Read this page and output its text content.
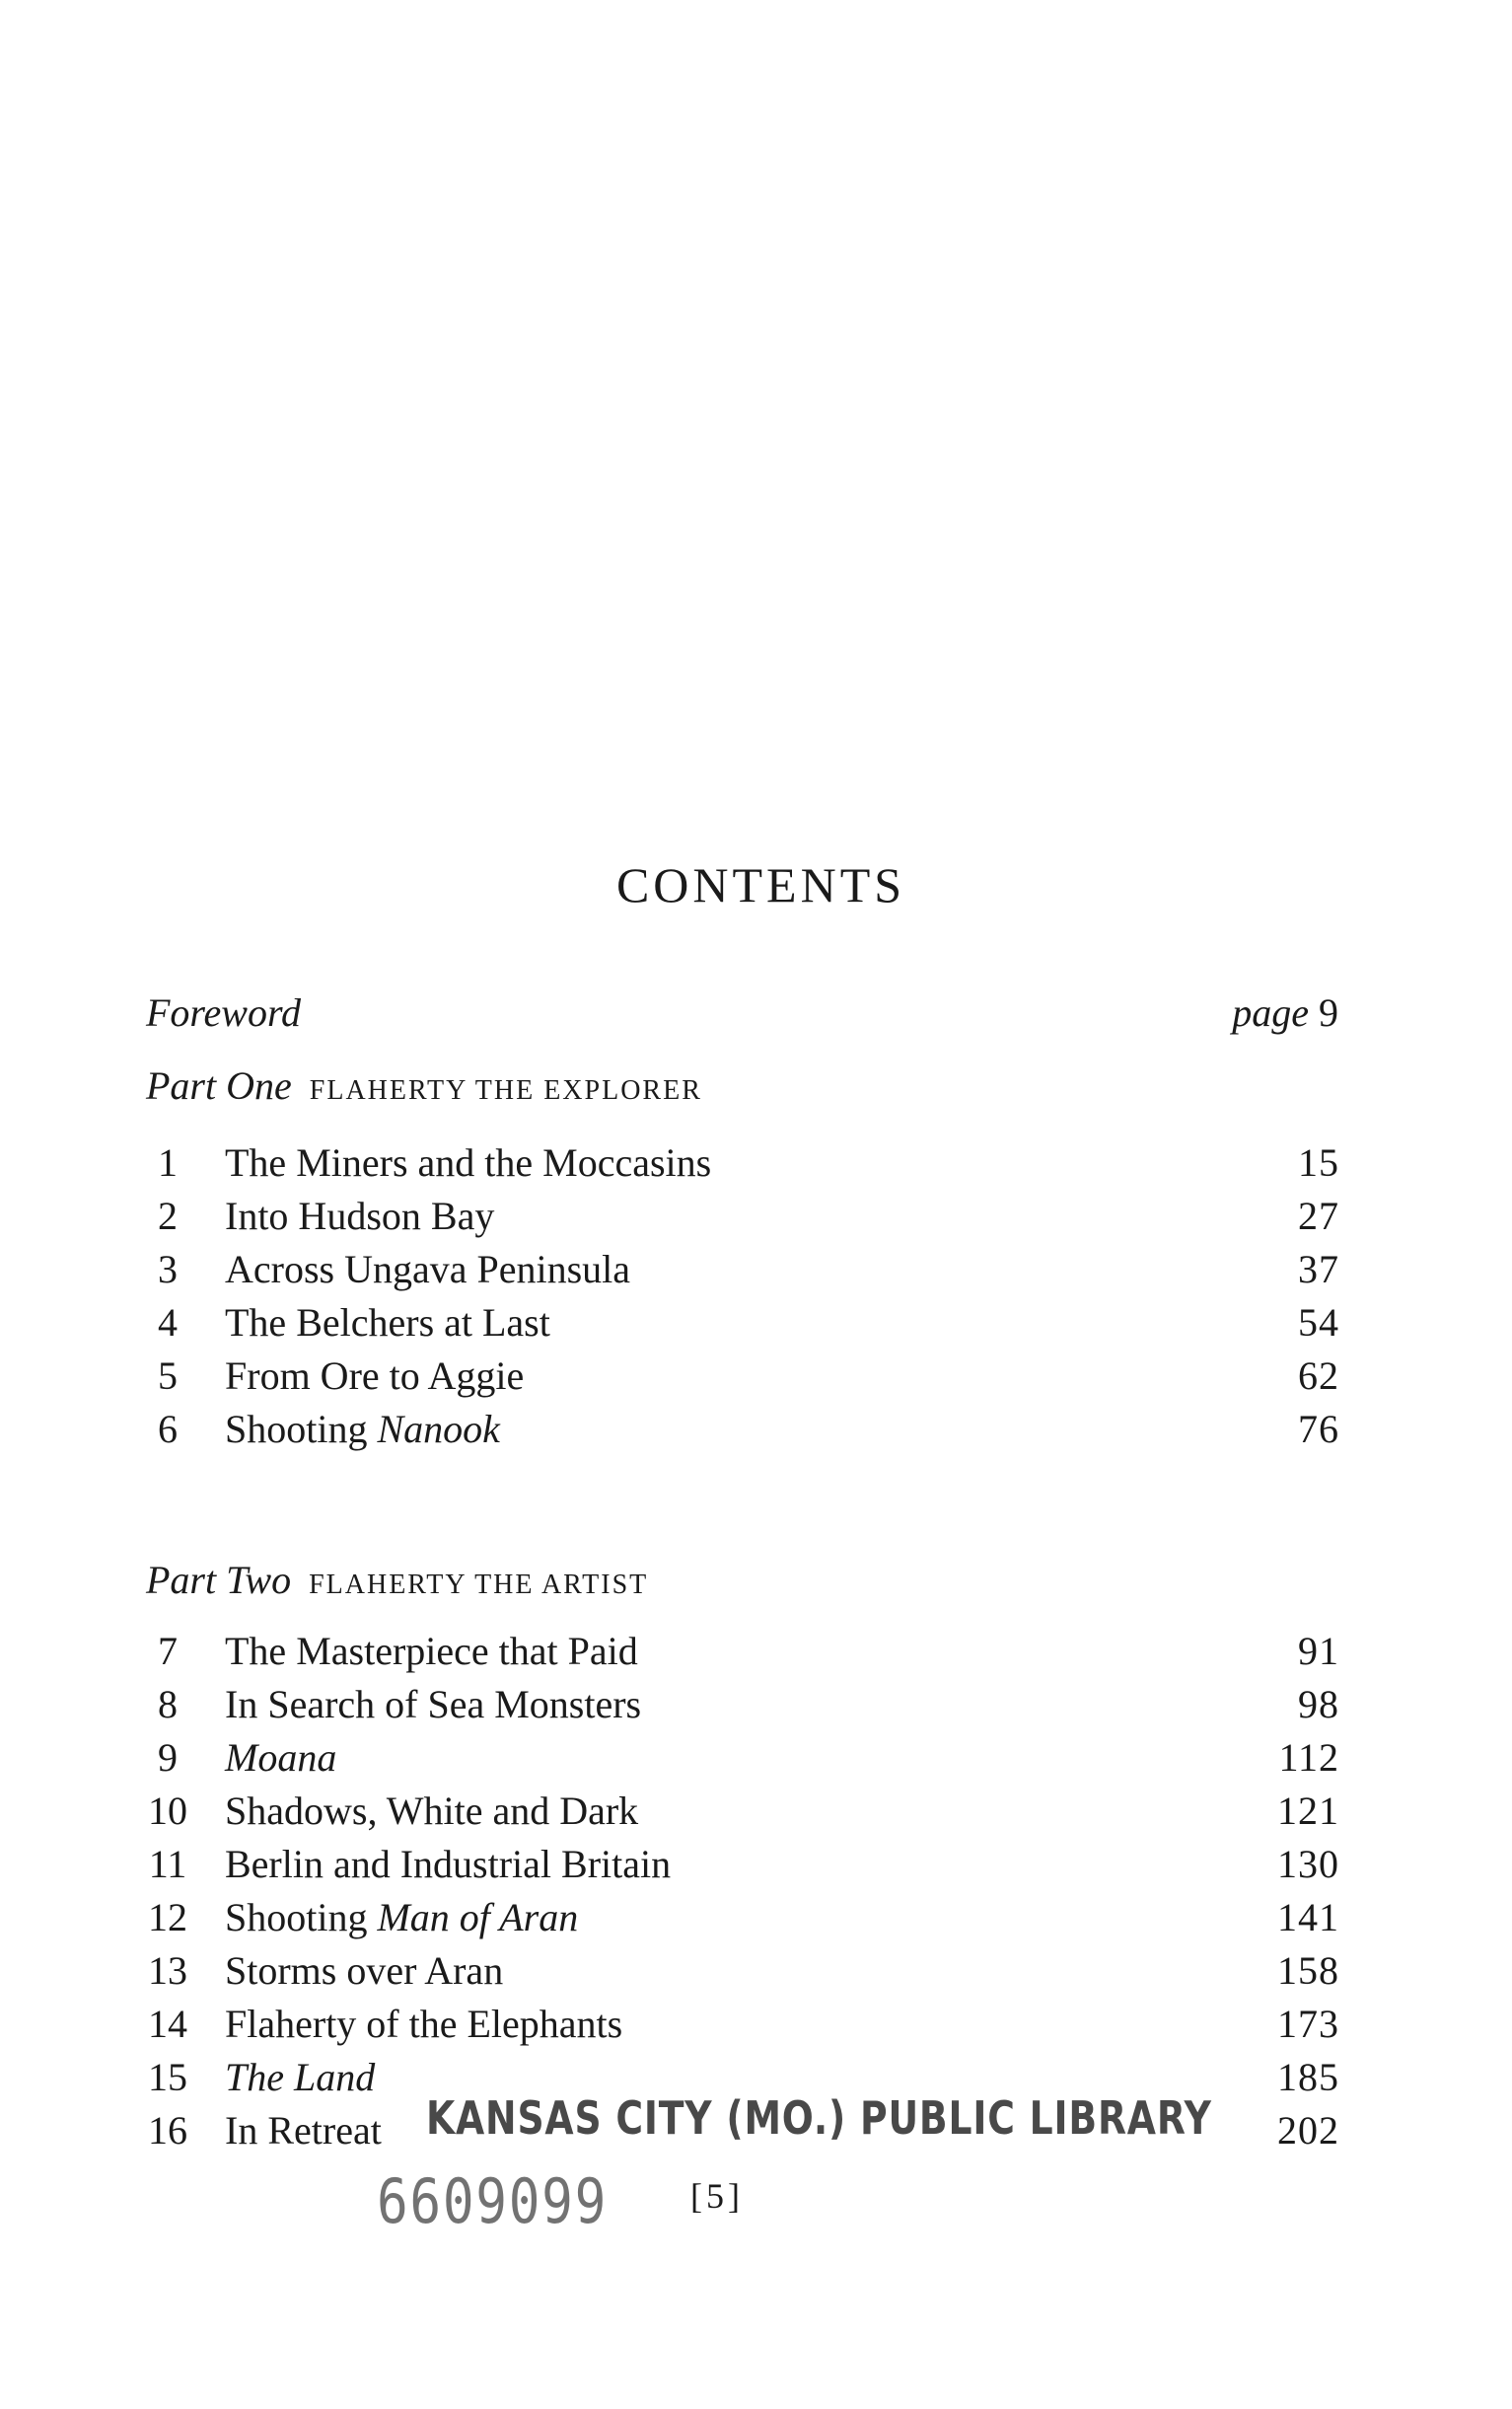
CONTENTS
Foreword	page 9
Part One FLAHERTY THE EXPLORER
1 The Miners and the Moccasins	15
2 Into Hudson Bay	27
3 Across Ungava Peninsula	37
4 The Belchers at Last	54
5 From Ore to Aggie	62
6 Shooting Nanook	76
Part Two FLAHERTY THE ARTIST
7 The Masterpiece that Paid	91
8 In Search of Sea Monsters	98
9 Moana	112
10 Shadows, White and Dark	121
11 Berlin and Industrial Britain	130
12 Shooting Man of Aran	141
13 Storms over Aran	158
14 Flaherty of the Elephants	173
15 The Land	185
16 In Retreat	202
KANSAS CITY (MO.) PUBLIC LIBRARY
6609099 [5]
